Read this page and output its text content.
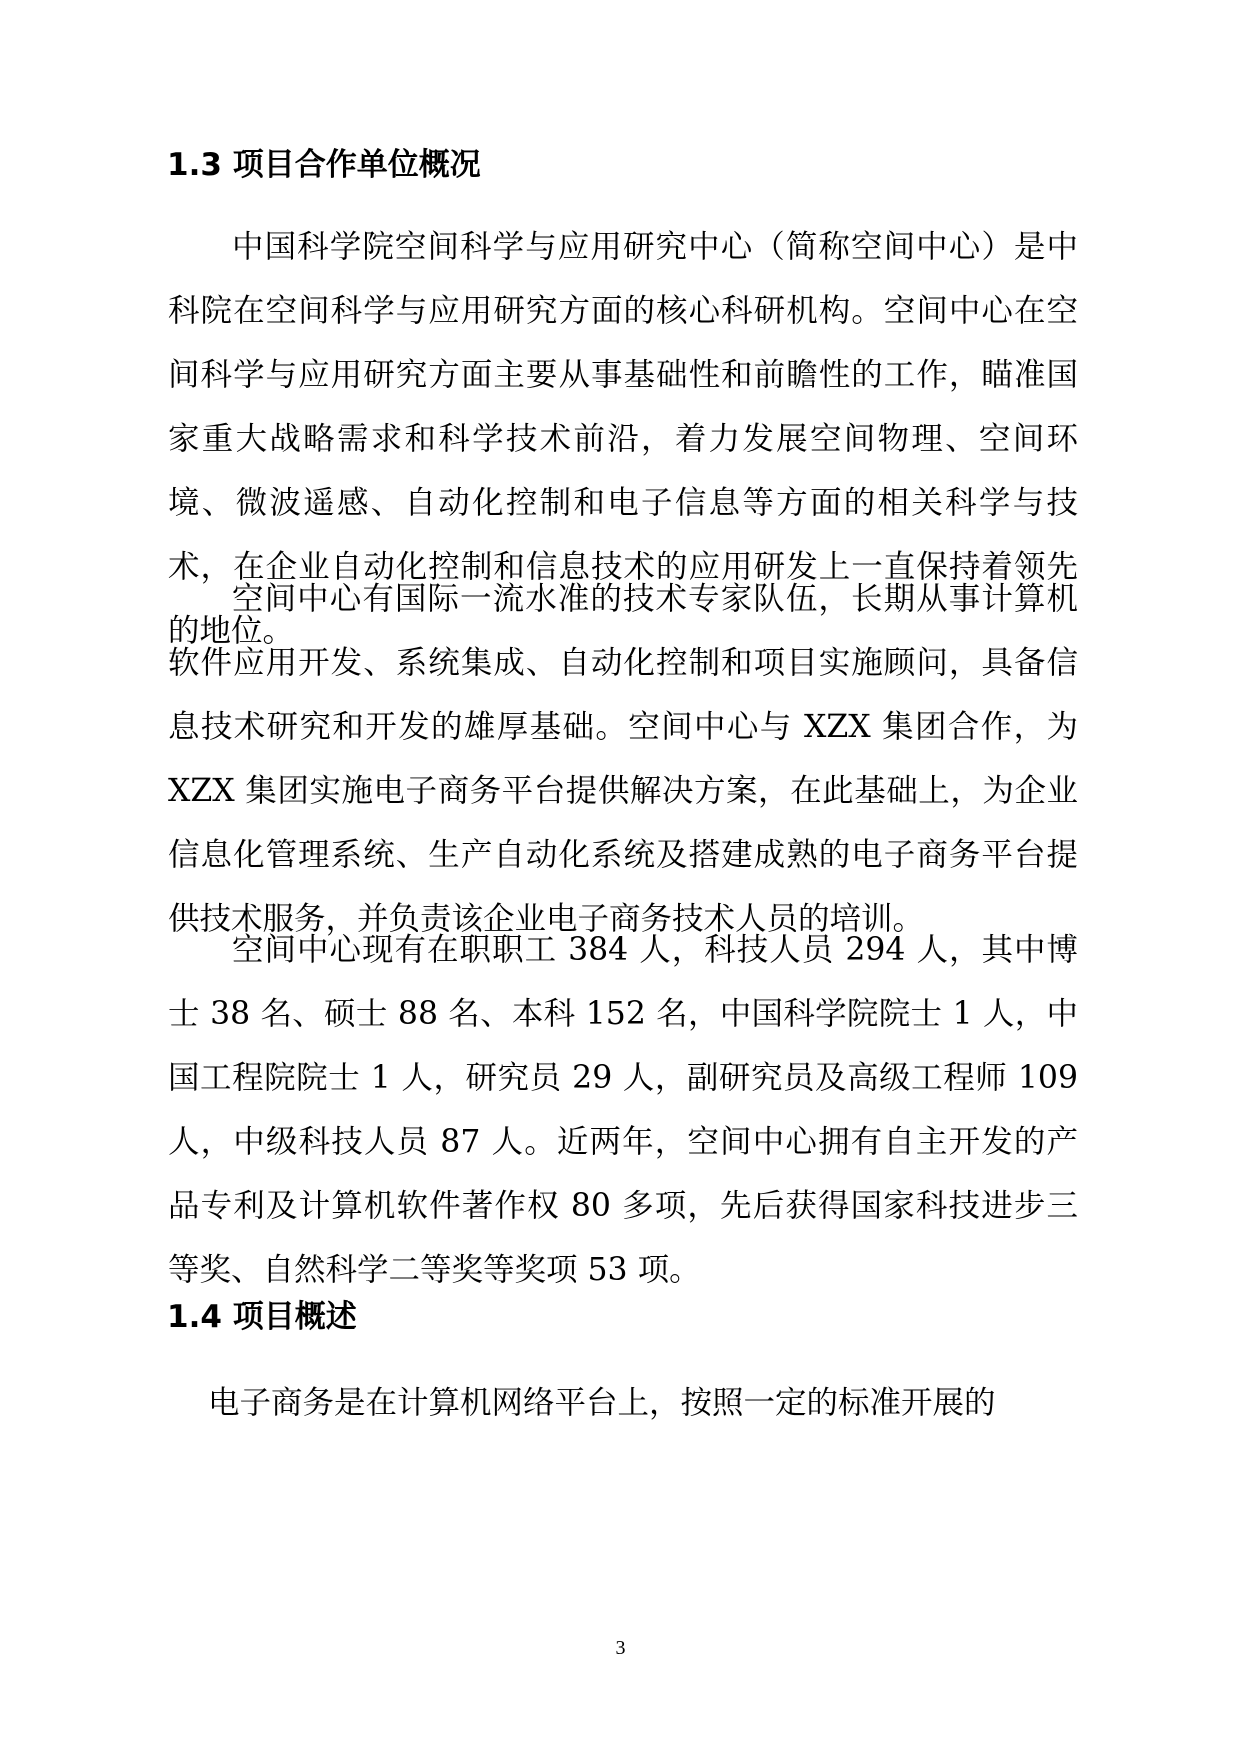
1.3 项目合作单位概况

中国科学院空间科学与应用研究中心（简称空间中心）是中科院在空间科学与应用研究方面的核心科研机构。空间中心在空间科学与应用研究方面主要从事基础性和前瞻性的工作，瞄准国家重大战略需求和科学技术前沿，着力发展空间物理、空间环境、微波遥感、自动化控制和电子信息等方面的相关科学与技术，在企业自动化控制和信息技术的应用研发上一直保持着领先的地位。

空间中心有国际一流水准的技术专家队伍，长期从事计算机软件应用开发、系统集成、自动化控制和项目实施顾问，具备信息技术研究和开发的雄厚基础。空间中心与 XZX 集团合作，为 XZX 集团实施电子商务平台提供解决方案，在此基础上，为企业信息化管理系统、生产自动化系统及搭建成熟的电子商务平台提供技术服务，并负责该企业电子商务技术人员的培训。

空间中心现有在职职工 384 人，科技人员 294 人，其中博士 38 名、硕士 88 名、本科 152 名，中国科学院院士 1 人，中国工程院院士 1 人，研究员 29 人，副研究员及高级工程师 109 人，中级科技人员 87 人。近两年，空间中心拥有自主开发的产品专利及计算机软件著作权 80 多项，先后获得国家科技进步三等奖、自然科学二等奖等奖项 53 项。

1.4 项目概述

电子商务是在计算机网络平台上，按照一定的标准开展的

3
